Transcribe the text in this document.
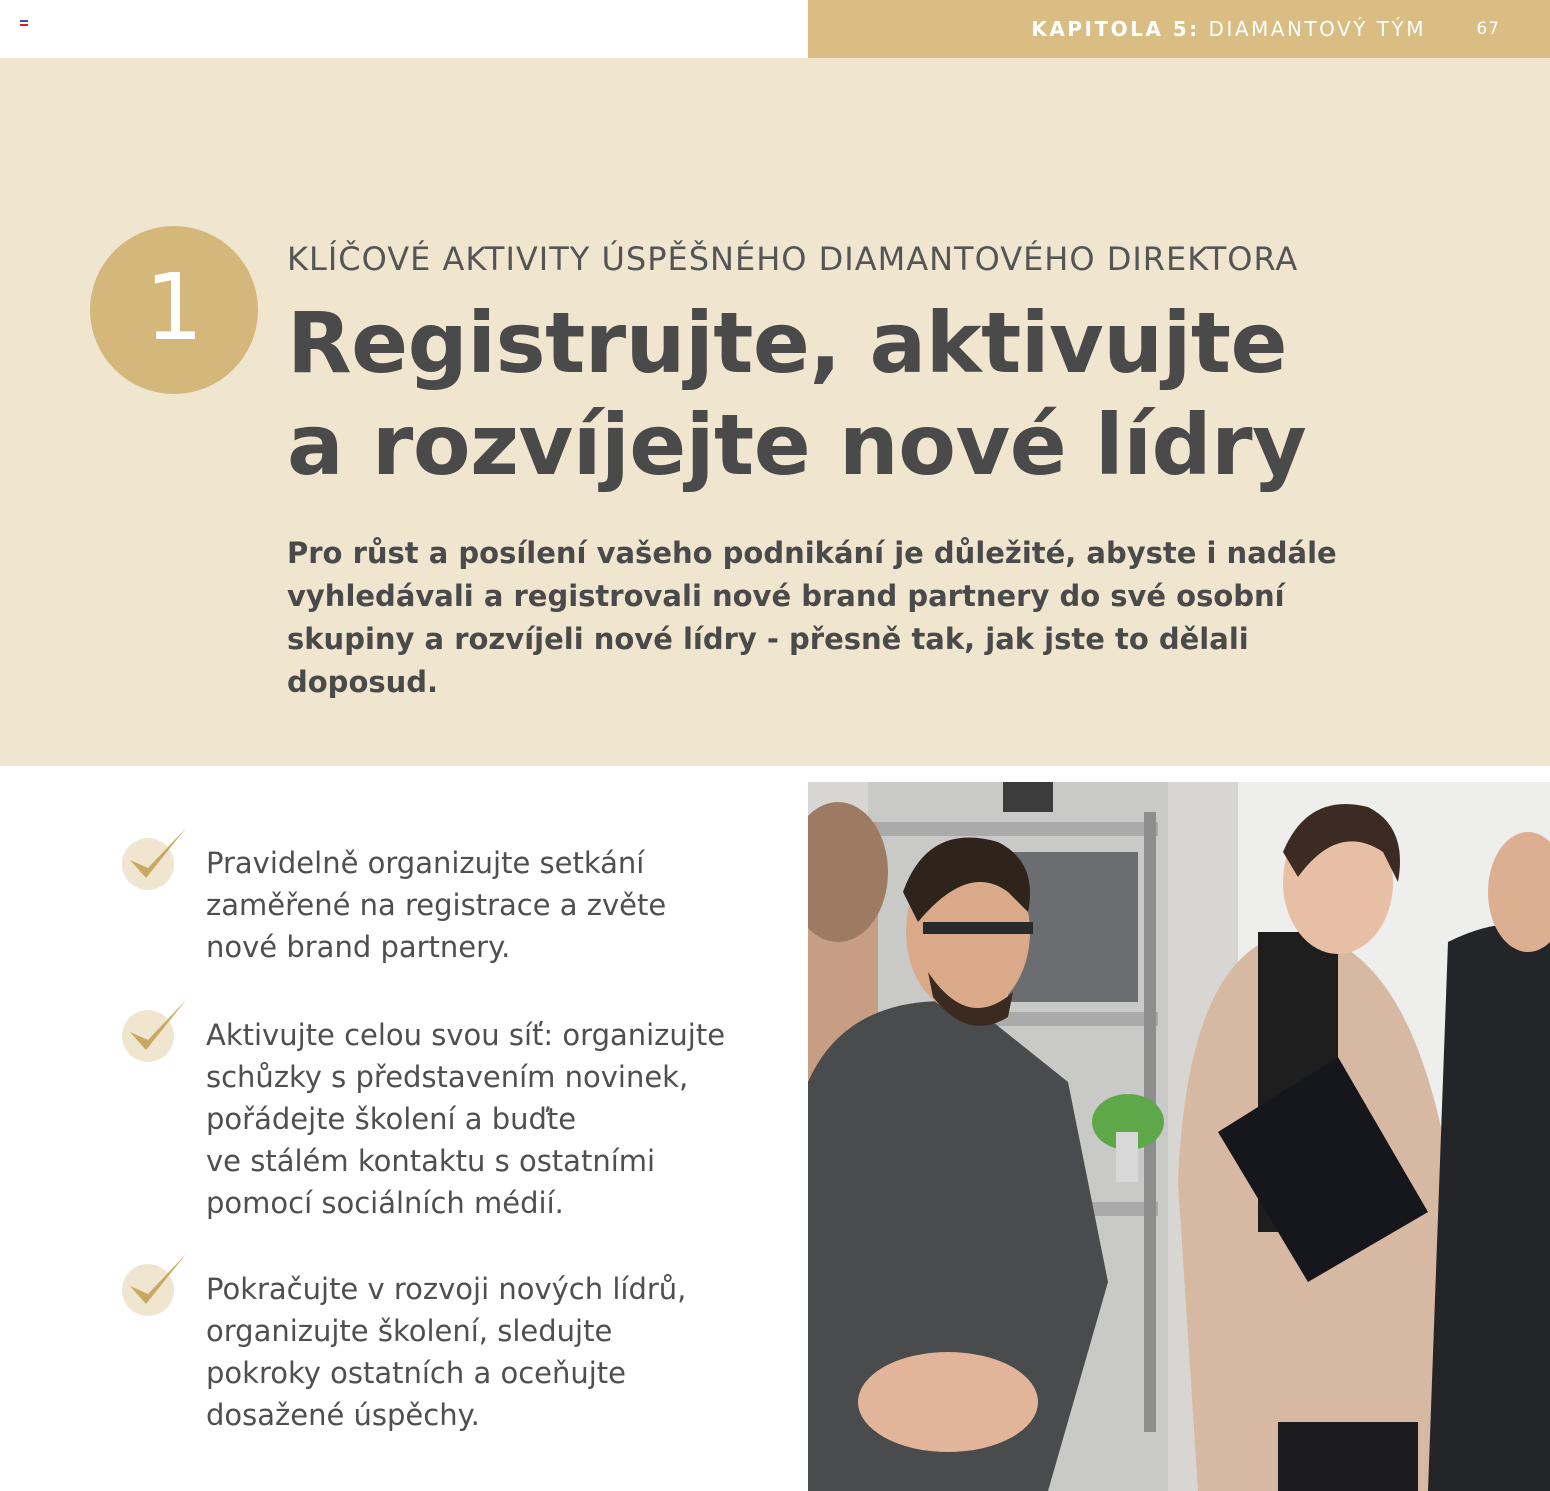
KAPITOLA 5: DIAMANTOVÝ TÝM	67
1	KLÍČOVÉ AKTIVITY ÚSPĚŠNÉHO DIAMANTOVÉHO DIREKTORA
Registrujte, aktivujte
a rozvíjejte nové lídry
Pro růst a posílení vašeho podnikání je důležité, abyste i nadále vyhledávali a registrovali nové brand partnery do své osobní skupiny a rozvíjeli nové lídry - přesně tak, jak jste to dělali doposud.
Pravidelně organizujte setkání
zaměřené na registrace a zvěte
nové brand partnery.
Aktivujte celou svou síť: organizujte
schůzky s představením novinek,
pořádejte školení a buďte
ve stálém kontaktu s ostatními
pomocí sociálních médií.
Pokračujte v rozvoji nových lídrů,
organizujte školení, sledujte
pokroky ostatních a oceňujte
dosažené úspěchy.
